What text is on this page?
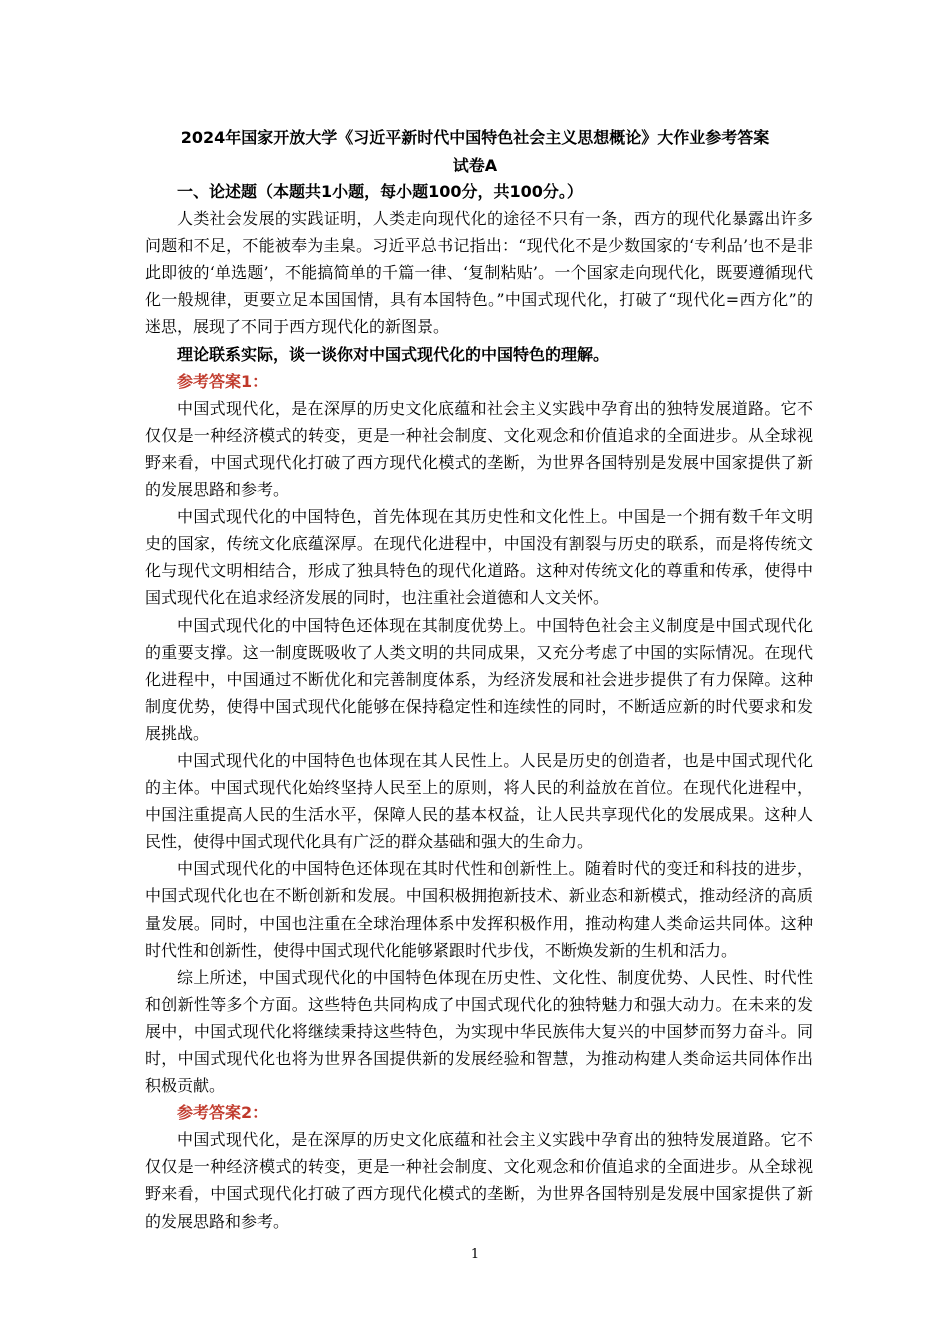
2024年国家开放大学《习近平新时代中国特色社会主义思想概论》大作业参考答案
试卷A

一、论述题（本题共1小题，每小题100分，共100分。）

人类社会发展的实践证明，人类走向现代化的途径不只有一条，西方的现代化暴露出许多问题和不足，不能被奉为圭臬。习近平总书记指出：“现代化不是少数国家的‘专利品’也不是非此即彼的‘单选题’，不能搞简单的千篇一律、‘复制粘贴’。一个国家走向现代化，既要遵循现代化一般规律，更要立足本国国情，具有本国特色。”中国式现代化，打破了“现代化=西方化”的迷思，展现了不同于西方现代化的新图景。

理论联系实际，谈一谈你对中国式现代化的中国特色的理解。

参考答案1：

中国式现代化，是在深厚的历史文化底蕴和社会主义实践中孕育出的独特发展道路。它不仅仅是一种经济模式的转变，更是一种社会制度、文化观念和价值追求的全面进步。从全球视野来看，中国式现代化打破了西方现代化模式的垄断，为世界各国特别是发展中国家提供了新的发展思路和参考。

中国式现代化的中国特色，首先体现在其历史性和文化性上。中国是一个拥有数千年文明史的国家，传统文化底蕴深厚。在现代化进程中，中国没有割裂与历史的联系，而是将传统文化与现代文明相结合，形成了独具特色的现代化道路。这种对传统文化的尊重和传承，使得中国式现代化在追求经济发展的同时，也注重社会道德和人文关怀。

中国式现代化的中国特色还体现在其制度优势上。中国特色社会主义制度是中国式现代化的重要支撑。这一制度既吸收了人类文明的共同成果，又充分考虑了中国的实际情况。在现代化进程中，中国通过不断优化和完善制度体系，为经济发展和社会进步提供了有力保障。这种制度优势，使得中国式现代化能够在保持稳定性和连续性的同时，不断适应新的时代要求和发展挑战。

中国式现代化的中国特色也体现在其人民性上。人民是历史的创造者，也是中国式现代化的主体。中国式现代化始终坚持人民至上的原则，将人民的利益放在首位。在现代化进程中，中国注重提高人民的生活水平，保障人民的基本权益，让人民共享现代化的发展成果。这种人民性，使得中国式现代化具有广泛的群众基础和强大的生命力。

中国式现代化的中国特色还体现在其时代性和创新性上。随着时代的变迁和科技的进步，中国式现代化也在不断创新和发展。中国积极拥抱新技术、新业态和新模式，推动经济的高质量发展。同时，中国也注重在全球治理体系中发挥积极作用，推动构建人类命运共同体。这种时代性和创新性，使得中国式现代化能够紧跟时代步伐，不断焕发新的生机和活力。

综上所述，中国式现代化的中国特色体现在历史性、文化性、制度优势、人民性、时代性和创新性等多个方面。这些特色共同构成了中国式现代化的独特魅力和强大动力。在未来的发展中，中国式现代化将继续秉持这些特色，为实现中华民族伟大复兴的中国梦而努力奋斗。同时，中国式现代化也将为世界各国提供新的发展经验和智慧，为推动构建人类命运共同体作出积极贡献。

参考答案2：

中国式现代化，是在深厚的历史文化底蕴和社会主义实践中孕育出的独特发展道路。它不仅仅是一种经济模式的转变，更是一种社会制度、文化观念和价值追求的全面进步。从全球视野来看，中国式现代化打破了西方现代化模式的垄断，为世界各国特别是发展中国家提供了新的发展思路和参考。

1
